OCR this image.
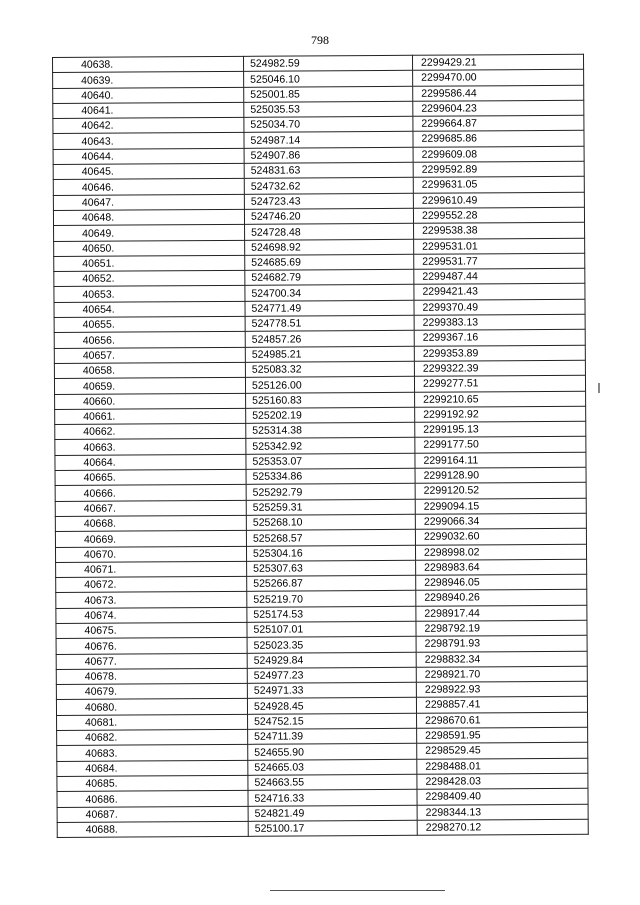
798
40638.	524982.59	2299429.21
40639.	525046.10	2299470.00
40640.	525001.85	2299586.44
40641.	525035.53	2299604.23
40642.	525034.70	2299664.87
40643.	524987.14	2299685.86
40644.	524907.86	2299609.08
40645.	524831.63	2299592.89
40646.	524732.62	2299631.05
40647.	524723.43	2299610.49
40648.	524746.20	2299552.28
40649.	524728.48	2299538.38
40650.	524698.92	2299531.01
40651.	524685.69	2299531.77
40652.	524682.79	2299487.44
40653.	524700.34	2299421.43
40654.	524771.49	2299370.49
40655.	524778.51	2299383.13
40656.	524857.26	2299367.16
40657.	524985.21	2299353.89
40658.	525083.32	2299322.39
40659.	525126.00	2299277.51
40660.	525160.83	2299210.65
40661.	525202.19	2299192.92
40662.	525314.38	2299195.13
40663.	525342.92	2299177.50
40664.	525353.07	2299164.11
40665.	525334.86	2299128.90
40666.	525292.79	2299120.52
40667.	525259.31	2299094.15
40668.	525268.10	2299066.34
40669.	525268.57	2299032.60
40670.	525304.16	2298998.02
40671.	525307.63	2298983.64
40672.	525266.87	2298946.05
40673.	525219.70	2298940.26
40674.	525174.53	2298917.44
40675.	525107.01	2298792.19
40676.	525023.35	2298791.93
40677.	524929.84	2298832.34
40678.	524977.23	2298921.70
40679.	524971.33	2298922.93
40680.	524928.45	2298857.41
40681.	524752.15	2298670.61
40682.	524711.39	2298591.95
40683.	524655.90	2298529.45
40684.	524665.03	2298488.01
40685.	524663.55	2298428.03
40686.	524716.33	2298409.40
40687.	524821.49	2298344.13
40688.	525100.17	2298270.12
